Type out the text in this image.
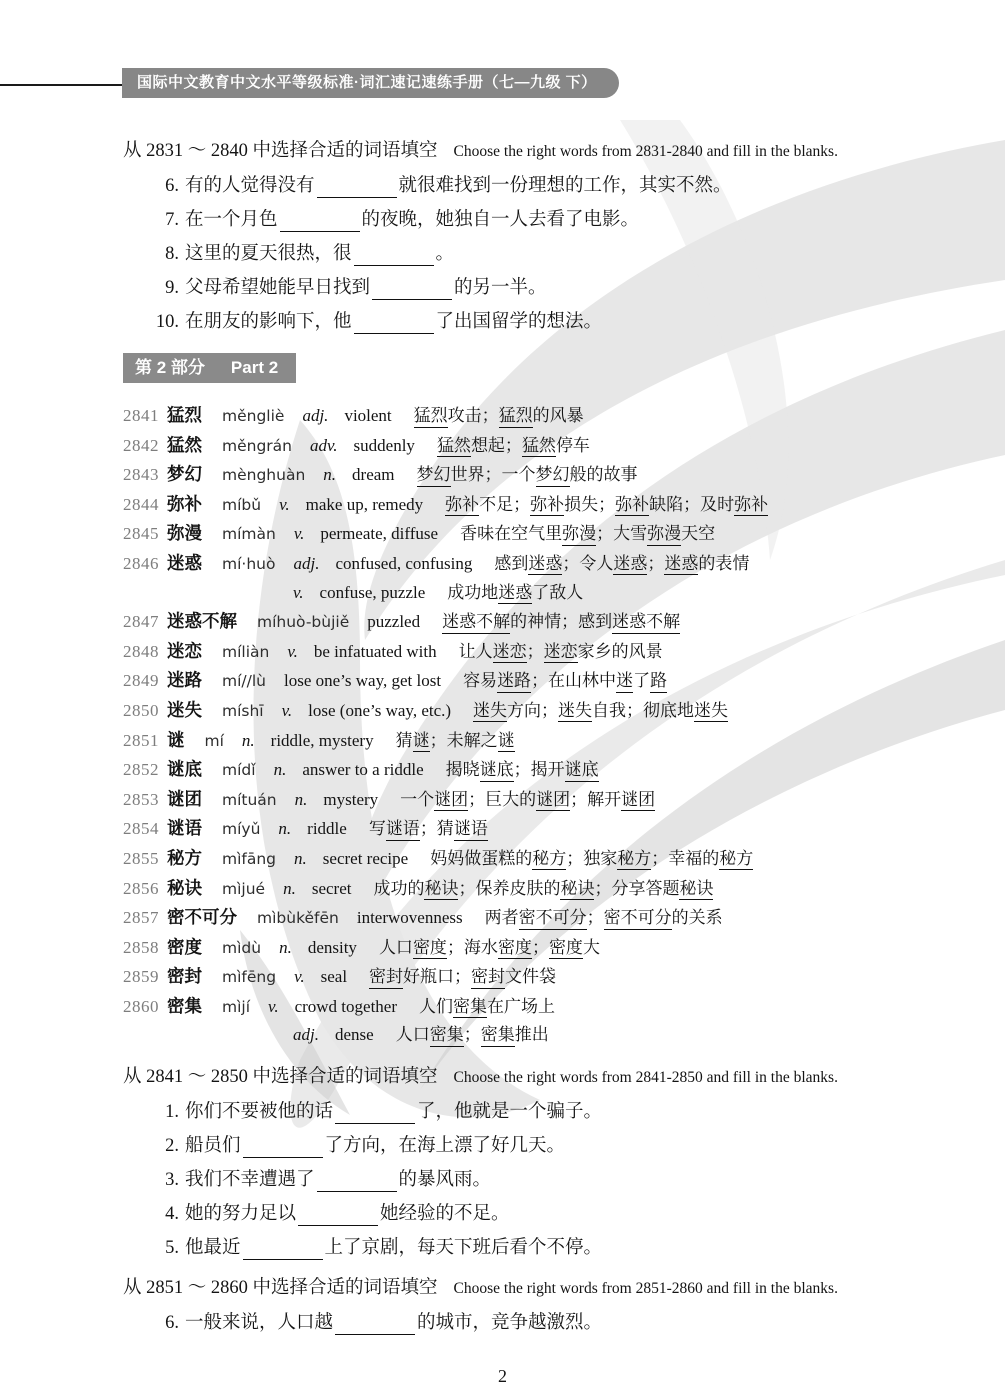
国际中文教育中文水平等级标准·词汇速记速练手册（七—九级 下）

从 2831 ～ 2840 中选择合适的词语填空 Choose the right words from 2831-2840 and fill in the blanks.

6. 有的人觉得没有	就很难找到一份理想的工作，其实不然。

7. 在一个月色	的夜晚，她独自一人去看了电影。

8. 这里的夏天很热，很	。

9. 父母希望她能早日找到	的另一半。

10. 在朋友的影响下，他	了出国留学的想法。

第 2 部分 Part 2
2841 猛烈 měngliè adj. violent 猛烈攻击；猛烈的风暴
2842 猛然 měngrán adv. suddenly 猛然想起；猛然停车
2843 梦幻 mènghuàn n. dream 梦幻世界；一个梦幻般的故事
2844 弥补 míbǔ v. make up, remedy 弥补不足；弥补损失；弥补缺陷；及时弥补
2845 弥漫 mímàn v. permeate, diffuse 香味在空气里弥漫；大雪弥漫天空
2846 迷惑 mí·huò adj. confused, confusing 感到迷惑；令人迷惑；迷惑的表情
v. confuse, puzzle 成功地迷惑了敌人
2847 迷惑不解 míhuò-bùjiě puzzled 迷惑不解的神情；感到迷惑不解
2848 迷恋 míliàn v. be infatuated with 让人迷恋；迷恋家乡的风景
2849 迷路 mí//lù lose one’s way, get lost 容易迷路；在山林中迷了路
2850 迷失 míshī v. lose (one’s way, etc.) 迷失方向；迷失自我；彻底地迷失
2851 谜 mí n. riddle, mystery 猜谜；未解之谜
2852 谜底 mídǐ n. answer to a riddle 揭晓谜底；揭开谜底
2853 谜团 mítuán n. mystery 一个谜团；巨大的谜团；解开谜团
2854 谜语 míyǔ n. riddle 写谜语；猜谜语
2855 秘方 mìfāng n. secret recipe 妈妈做蛋糕的秘方；独家秘方；幸福的秘方
2856 秘诀 mìjué n. secret 成功的秘诀；保养皮肤的秘诀；分享答题秘诀
2857 密不可分 mìbùkěfēn interwovenness 两者密不可分；密不可分的关系
2858 密度 mìdù n. density 人口密度；海水密度；密度大
2859 密封 mìfēng v. seal 密封好瓶口；密封文件袋
2860 密集 mìjí v. crowd together 人们密集在广场上
adj. dense 人口密集；密集推出

从 2841 ～ 2850 中选择合适的词语填空 Choose the right words from 2841-2850 and fill in the blanks.

1. 你们不要被他的话	了，他就是一个骗子。

2. 船员们	了方向，在海上漂了好几天。

3. 我们不幸遭遇了	的暴风雨。

4. 她的努力足以	她经验的不足。

5. 他最近	上了京剧，每天下班后看个不停。

从 2851 ～ 2860 中选择合适的词语填空 Choose the right words from 2851-2860 and fill in the blanks.

6. 一般来说，人口越	的城市，竞争越激烈。

2
